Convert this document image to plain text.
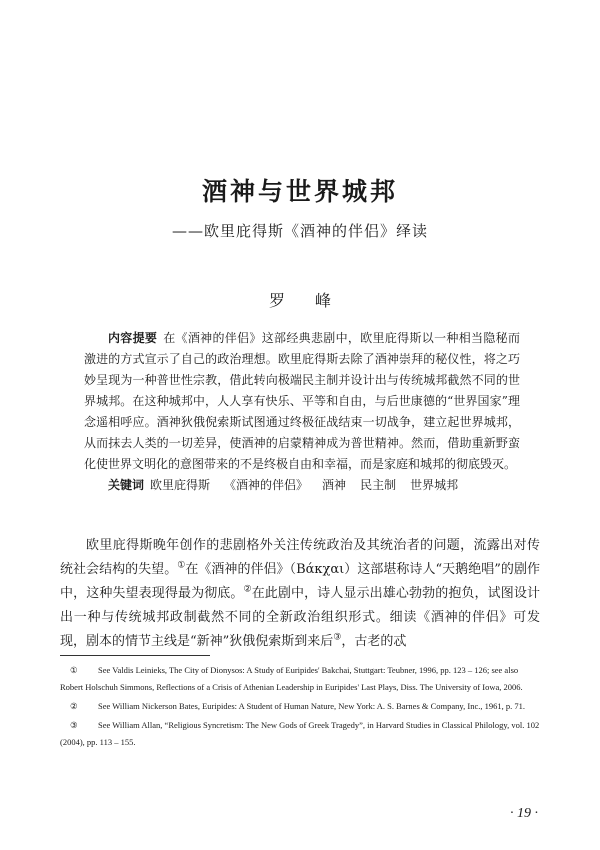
酒神与世界城邦
——欧里庇得斯《酒神的伴侣》绎读
罗峰

内容提要 在《酒神的伴侣》这部经典悲剧中，欧里庇得斯以一种相当隐秘而激进的方式宣示了自己的政治理想。欧里庇得斯去除了酒神崇拜的秘仪性，将之巧妙呈现为一种普世性宗教，借此转向极端民主制并设计出与传统城邦截然不同的世界城邦。在这种城邦中，人人享有快乐、平等和自由，与后世康德的“世界国家”理念遥相呼应。酒神狄俄倪索斯试图通过终极征战结束一切战争，建立起世界城邦，从而抹去人类的一切差异，使酒神的启蒙精神成为普世精神。然而，借助重新野蛮化使世界文明化的意图带来的不是终极自由和幸福，而是家庭和城邦的彻底毁灭。

关键词 欧里庇得斯 《酒神的伴侣》 酒神 民主制 世界城邦

欧里庇得斯晚年创作的悲剧格外关注传统政治及其统治者的问题，流露出对传统社会结构的失望。①在《酒神的伴侣》（Βάκχαι）这部堪称诗人“天鹅绝唱”的剧作中，这种失望表现得最为彻底。②在此剧中，诗人显示出雄心勃勃的抱负，试图设计出一种与传统城邦政制截然不同的全新政治组织形式。细读《酒神的伴侣》可发现，剧本的情节主线是“新神”狄俄倪索斯到来后③，古老的忒

① See Valdis Leinieks, The City of Dionysos: A Study of Euripides' Bakchai, Stuttgart: Teubner, 1996, pp. 123 – 126; see also Robert Holschuh Simmons, Reflections of a Crisis of Athenian Leadership in Euripides' Last Plays, Diss. The University of Iowa, 2006.
② See William Nickerson Bates, Euripides: A Student of Human Nature, New York: A. S. Barnes & Company, Inc., 1961, p. 71.
③ See William Allan, “Religious Syncretism: The New Gods of Greek Tragedy”, in Harvard Studies in Classical Philology, vol. 102 (2004), pp. 113 – 155.
· 19 ·
